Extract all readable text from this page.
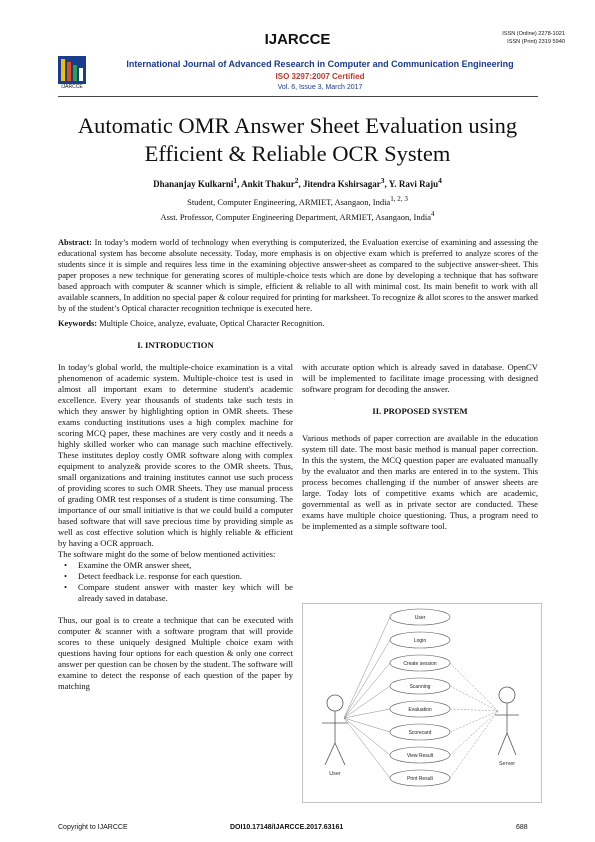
IJARCCE	ISSN (Online) 2278-1021
ISSN (Print) 2319 5940
IJARCCE
International Journal of Advanced Research in Computer and Communication Engineering
ISO 3297:2007 Certified
Vol. 6, Issue 3, March 2017
Automatic OMR Answer Sheet Evaluation using
Efficient & Reliable OCR System
Dhananjay Kulkarni$^1$, Ankit Thakur$^2$, Jitendra Kshirsagar$^3$, Y. Ravi Raju$^4$
Student, Computer Engineering, ARMIET, Asangaon, India$^{1, 2, 3}$
Asst. Professor, Computer Engineering Department, ARMIET, Asangaon, India$^4$
Abstract: In today’s modern world of technology when everything is computerized, the Evaluation exercise of examining and assessing the educational system has become absolute necessity. Today, more emphasis is on objective exam which is preferred to analyze scores of the students since it is simple and requires less time in the examining objective answer-sheet as compared to the subjective answer-sheet. This paper proposes a new technique for generating scores of multiple-choice tests which are done by developing a technique that has software based approach with computer & scanner which is simple, efficient & reliable to all with minimal cost. Its main benefit to work with all available scanners, In addition no special paper & colour required for printing for marksheet. To recognize & allot scores to the answer marked by of the student’s Optical character recognition technique is executed here.
Keywords: Multiple Choice, analyze, evaluate, Optical Character Recognition.
I. INTRODUCTION

In today’s global world, the multiple-choice examination is a vital phenomenon of academic system. Multiple-choice test is used in almost all important exam to determine student's academic excellence. Every year thousands of students take such tests in which they answer by highlighting option in OMR sheets. These exams conducting institutions uses a high complex machine for scoring MCQ paper, these machines are very costly and it needs a highly skilled worker who can manage such machine effectively. These institutes deploy costly OMR software along with complex equipment to analyze& provide scores to the OMR sheets. Thus, small organizations and training institutes cannot use such process of providing scores to such OMR Sheets. They use manual process of grading OMR test responses of a student is time consuming. The importance of our small initiative is that we could build a computer based software that will save precious time by providing simple as well as cost effective solution which is highly reliable & efficient by having a OCR approach.

The software might do the some of below mentioned activities:

• Examine the OMR answer sheet,
• Detect feedback i.e. response for each question.
• Compare student answer with master key which will be already saved in database.

Thus, our goal is to create a technique that can be executed with computer & scanner with a software program that will provide scores to these uniquely designed Multiple choice exam with questions having four options for each question & only one correct answer per question can be chosen by the student. The software will examine to detect the response of each question of the paper by matching

with accurate option which is already saved in database. OpenCV will be implemented to facilitate image processing with designed software program for decoding the answer.

II. PROPOSED SYSTEM

Various methods of paper correction are available in the education system till date. The most basic method is manual paper correction. In this the system, the MCQ question paper are evaluated manually by the evaluator and then marks are entered in to the system. This process becomes challenging if the number of answer sheets are large. Today lots of competitive exams which are academic, governmental as well as in private sector are conducted. These exams have multiple choice questioning. Thus, a program need to be implemented as a simple software tool.

User
Server
User
Login
Create session
Scanning
Evaluation
Scorecard
View Result
Print Result
Copyright to IJARCCE	DOI10.17148/IJARCCE.2017.63161	688
